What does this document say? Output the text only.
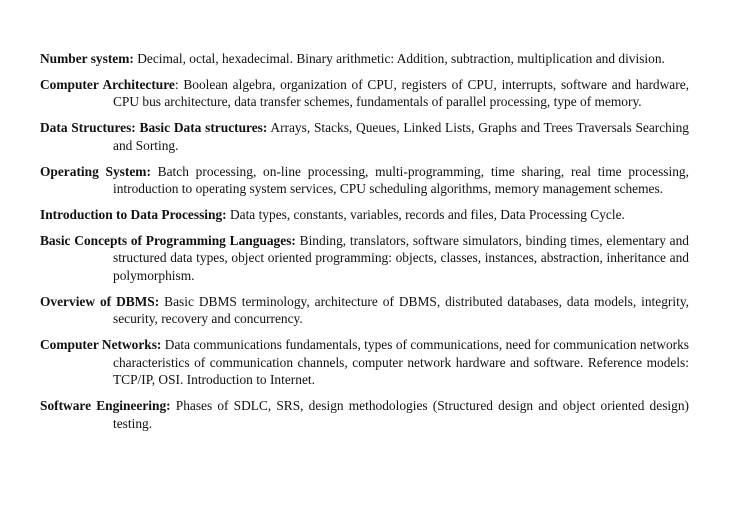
Number system: Decimal, octal, hexadecimal. Binary arithmetic: Addition, subtraction, multiplication and division.

Computer Architecture: Boolean algebra, organization of CPU, registers of CPU, interrupts, software and hardware, CPU bus architecture, data transfer schemes, fundamentals of parallel processing, type of memory.

Data Structures: Basic Data structures: Arrays, Stacks, Queues, Linked Lists, Graphs and Trees Traversals Searching and Sorting.

Operating System: Batch processing, on-line processing, multi-programming, time sharing, real time processing, introduction to operating system services, CPU scheduling algorithms, memory management schemes.

Introduction to Data Processing: Data types, constants, variables, records and files, Data Processing Cycle.

Basic Concepts of Programming Languages: Binding, translators, software simulators, binding times, elementary and structured data types, object oriented programming: objects, classes, instances, abstraction, inheritance and polymorphism.

Overview of DBMS: Basic DBMS terminology, architecture of DBMS, distributed databases, data models, integrity, security, recovery and concurrency.

Computer Networks: Data communications fundamentals, types of communications, need for communication networks characteristics of communication channels, computer network hardware and software. Reference models: TCP/IP, OSI. Introduction to Internet.

Software Engineering: Phases of SDLC, SRS, design methodologies (Structured design and object oriented design) testing.
